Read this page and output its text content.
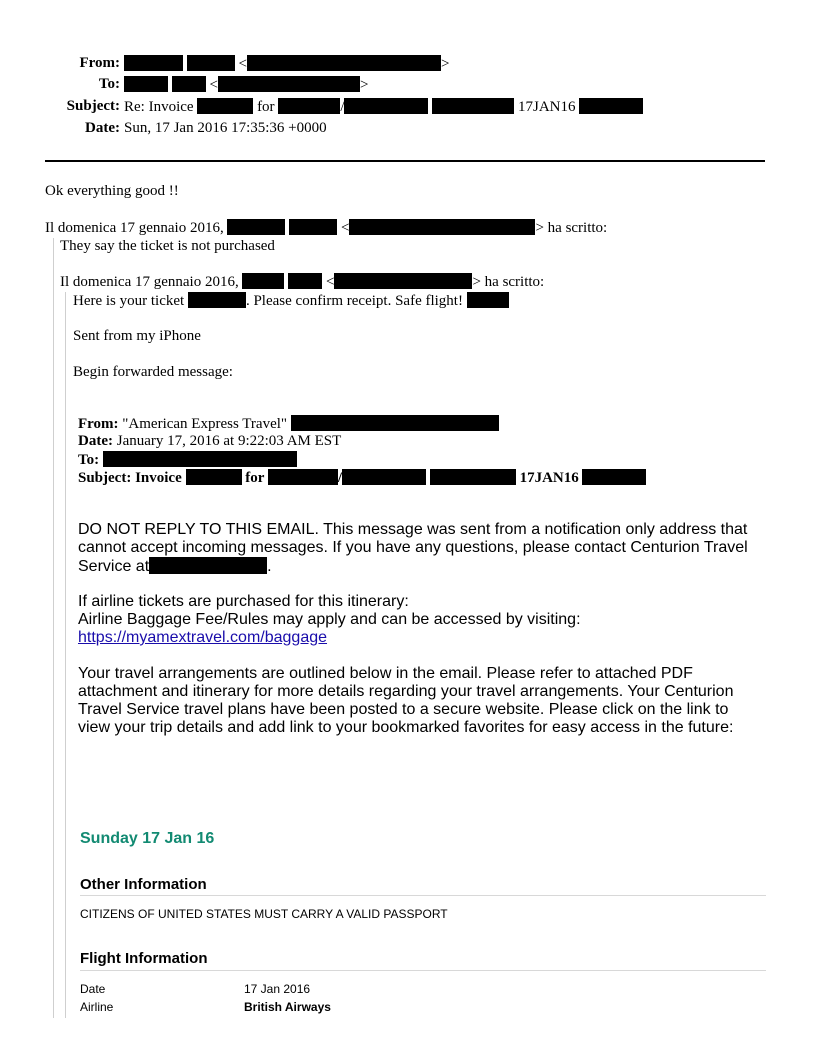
From:	<	>
To:	<	>
Subject: Re: Invoice	for	/	17JAN16
Date: Sun, 17 Jan 2016 17:35:36 +0000
Ok everything good !!
Il domenica 17 gennaio 2016,	<	> ha scritto:
They say the ticket is not purchased
Il domenica 17 gennaio 2016,	<	> ha scritto:
Here is your ticket	. Please confirm receipt. Safe flight!
Sent from my iPhone
Begin forwarded message:
From: "American Express Travel"
Date: January 17, 2016 at 9:22:03 AM EST
To:
Subject: Invoice	for	/	17JAN16
DO NOT REPLY TO THIS EMAIL. This message was sent from a notification only address that
cannot accept incoming messages. If you have any questions, please contact Centurion Travel
Service at	.
If airline tickets are purchased for this itinerary:
Airline Baggage Fee/Rules may apply and can be accessed by visiting:
https://myamextravel.com/baggage
Your travel arrangements are outlined below in the email. Please refer to attached PDF
attachment and itinerary for more details regarding your travel arrangements. Your Centurion
Travel Service travel plans have been posted to a secure website. Please click on the link to
view your trip details and add link to your bookmarked favorites for easy access in the future:
Sunday 17 Jan 16
Other Information
CITIZENS OF UNITED STATES MUST CARRY A VALID PASSPORT
Flight Information
Date	17 Jan 2016
Airline	British Airways
